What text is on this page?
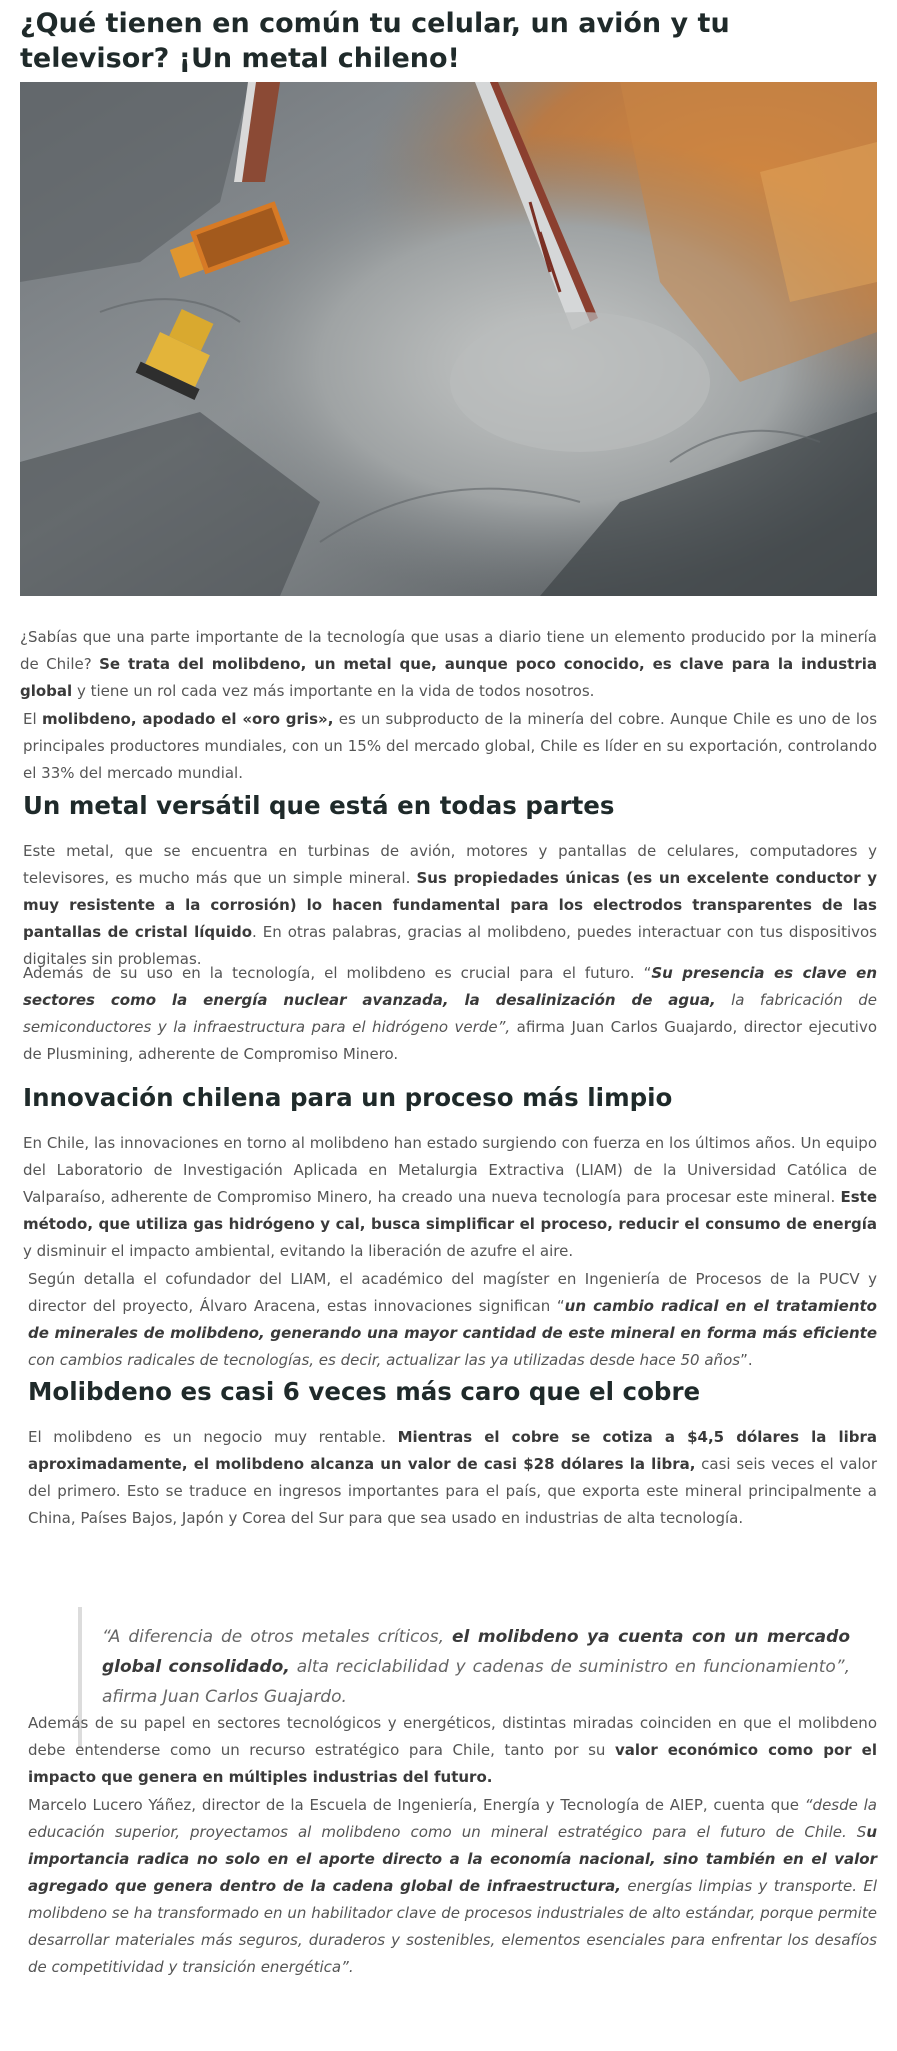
¿Qué tienen en común tu celular, un avión y tu televisor? ¡Un metal chileno!

¿Sabías que una parte importante de la tecnología que usas a diario tiene un elemento producido por la minería de Chile? Se trata del molibdeno, un metal que, aunque poco conocido, es clave para la industria global y tiene un rol cada vez más importante en la vida de todos nosotros.

El molibdeno, apodado el «oro gris», es un subproducto de la minería del cobre. Aunque Chile es uno de los principales productores mundiales, con un 15% del mercado global, Chile es líder en su exportación, controlando el 33% del mercado mundial.

Un metal versátil que está en todas partes

Este metal, que se encuentra en turbinas de avión, motores y pantallas de celulares, computadores y televisores, es mucho más que un simple mineral. Sus propiedades únicas (es un excelente conductor y muy resistente a la corrosión) lo hacen fundamental para los electrodos transparentes de las pantallas de cristal líquido. En otras palabras, gracias al molibdeno, puedes interactuar con tus dispositivos digitales sin problemas.

Además de su uso en la tecnología, el molibdeno es crucial para el futuro. “Su presencia es clave en sectores como la energía nuclear avanzada, la desalinización de agua, la fabricación de semiconductores y la infraestructura para el hidrógeno verde”, afirma Juan Carlos Guajardo, director ejecutivo de Plusmining, adherente de Compromiso Minero.

Innovación chilena para un proceso más limpio

En Chile, las innovaciones en torno al molibdeno han estado surgiendo con fuerza en los últimos años. Un equipo del Laboratorio de Investigación Aplicada en Metalurgia Extractiva (LIAM) de la Universidad Católica de Valparaíso, adherente de Compromiso Minero, ha creado una nueva tecnología para procesar este mineral. Este método, que utiliza gas hidrógeno y cal, busca simplificar el proceso, reducir el consumo de energía y disminuir el impacto ambiental, evitando la liberación de azufre el aire.

Según detalla el cofundador del LIAM, el académico del magíster en Ingeniería de Procesos de la PUCV y director del proyecto, Álvaro Aracena, estas innovaciones significan “un cambio radical en el tratamiento de minerales de molibdeno, generando una mayor cantidad de este mineral en forma más eficiente con cambios radicales de tecnologías, es decir, actualizar las ya utilizadas desde hace 50 años”.

Molibdeno es casi 6 veces más caro que el cobre

El molibdeno es un negocio muy rentable. Mientras el cobre se cotiza a $4,5 dólares la libra aproximadamente, el molibdeno alcanza un valor de casi $28 dólares la libra, casi seis veces el valor del primero. Esto se traduce en ingresos importantes para el país, que exporta este mineral principalmente a China, Países Bajos, Japón y Corea del Sur para que sea usado en industrias de alta tecnología.

“A diferencia de otros metales críticos, el molibdeno ya cuenta con un mercado global consolidado, alta reciclabilidad y cadenas de suministro en funcionamiento”, afirma Juan Carlos Guajardo.

Además de su papel en sectores tecnológicos y energéticos, distintas miradas coinciden en que el molibdeno debe entenderse como un recurso estratégico para Chile, tanto por su valor económico como por el impacto que genera en múltiples industrias del futuro.

Marcelo Lucero Yáñez, director de la Escuela de Ingeniería, Energía y Tecnología de AIEP, cuenta que “desde la educación superior, proyectamos al molibdeno como un mineral estratégico para el futuro de Chile. Su importancia radica no solo en el aporte directo a la economía nacional, sino también en el valor agregado que genera dentro de la cadena global de infraestructura, energías limpias y transporte. El molibdeno se ha transformado en un habilitador clave de procesos industriales de alto estándar, porque permite desarrollar materiales más seguros, duraderos y sostenibles, elementos esenciales para enfrentar los desafíos de competitividad y transición energética”.
